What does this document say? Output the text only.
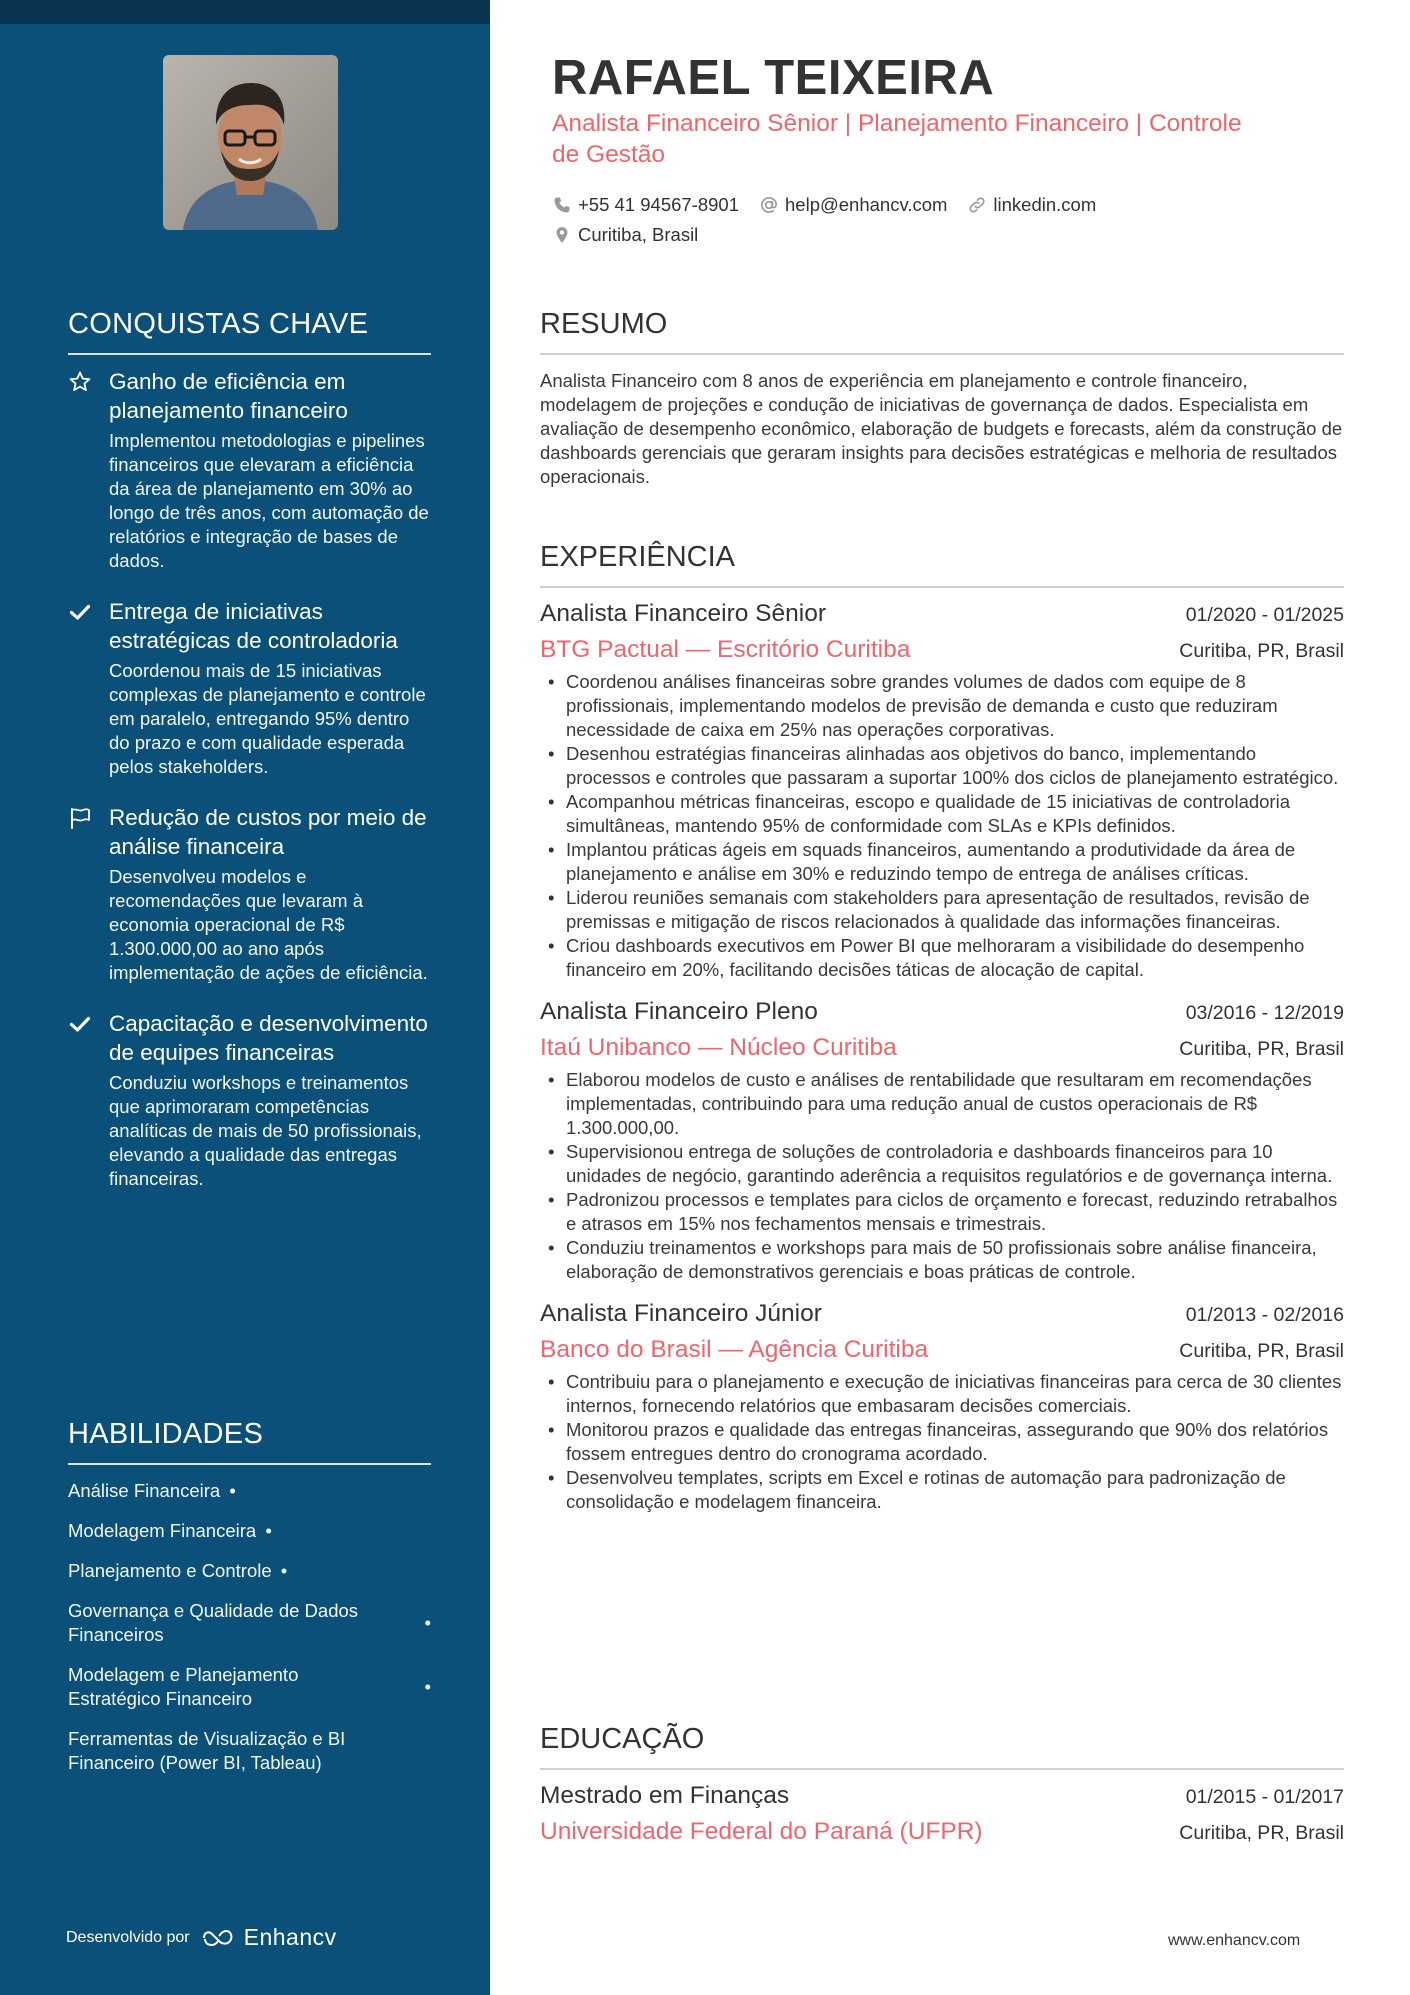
CONQUISTAS CHAVE
Ganho de eficiência em planejamento financeiro
Implementou metodologias e pipelines financeiros que elevaram a eficiência da área de planejamento em 30% ao longo de três anos, com automação de relatórios e integração de bases de dados.
Entrega de iniciativas estratégicas de controladoria
Coordenou mais de 15 iniciativas complexas de planejamento e controle em paralelo, entregando 95% dentro do prazo e com qualidade esperada pelos stakeholders.
Redução de custos por meio de análise financeira
Desenvolveu modelos e recomendações que levaram à economia operacional de R$ 1.300.000,00 ao ano após implementação de ações de eficiência.
Capacitação e desenvolvimento de equipes financeiras
Conduziu workshops e treinamentos que aprimoraram competências analíticas de mais de 50 profissionais, elevando a qualidade das entregas financeiras.
HABILIDADES
Análise Financeira •
Modelagem Financeira •
Planejamento e Controle •
Governança e Qualidade de Dados Financeiros
•
Modelagem e Planejamento Estratégico Financeiro
•
Ferramentas de Visualização e BI Financeiro (Power BI, Tableau)
Desenvolvido por Enhancv
RAFAEL TEIXEIRA
Analista Financeiro Sênior | Planejamento Financeiro | Controle de Gestão
+55 41 94567-8901 help@enhancv.com linkedin.com
Curitiba, Brasil
RESUMO
Analista Financeiro com 8 anos de experiência em planejamento e controle financeiro, modelagem de projeções e condução de iniciativas de governança de dados. Especialista em avaliação de desempenho econômico, elaboração de budgets e forecasts, além da construção de dashboards gerenciais que geraram insights para decisões estratégicas e melhoria de resultados operacionais.
EXPERIÊNCIA
Analista Financeiro Sênior	01/2020 - 01/2025
BTG Pactual — Escritório Curitiba	Curitiba, PR, Brasil
• Coordenou análises financeiras sobre grandes volumes de dados com equipe de 8 profissionais, implementando modelos de previsão de demanda e custo que reduziram necessidade de caixa em 25% nas operações corporativas.
• Desenhou estratégias financeiras alinhadas aos objetivos do banco, implementando processos e controles que passaram a suportar 100% dos ciclos de planejamento estratégico.
• Acompanhou métricas financeiras, escopo e qualidade de 15 iniciativas de controladoria simultâneas, mantendo 95% de conformidade com SLAs e KPIs definidos.
• Implantou práticas ágeis em squads financeiros, aumentando a produtividade da área de planejamento e análise em 30% e reduzindo tempo de entrega de análises críticas.
• Liderou reuniões semanais com stakeholders para apresentação de resultados, revisão de premissas e mitigação de riscos relacionados à qualidade das informações financeiras.
• Criou dashboards executivos em Power BI que melhoraram a visibilidade do desempenho financeiro em 20%, facilitando decisões táticas de alocação de capital.
Analista Financeiro Pleno	03/2016 - 12/2019
Itaú Unibanco — Núcleo Curitiba	Curitiba, PR, Brasil
• Elaborou modelos de custo e análises de rentabilidade que resultaram em recomendações implementadas, contribuindo para uma redução anual de custos operacionais de R$ 1.300.000,00.
• Supervisionou entrega de soluções de controladoria e dashboards financeiros para 10 unidades de negócio, garantindo aderência a requisitos regulatórios e de governança interna.
• Padronizou processos e templates para ciclos de orçamento e forecast, reduzindo retrabalhos e atrasos em 15% nos fechamentos mensais e trimestrais.
• Conduziu treinamentos e workshops para mais de 50 profissionais sobre análise financeira, elaboração de demonstrativos gerenciais e boas práticas de controle.
Analista Financeiro Júnior	01/2013 - 02/2016
Banco do Brasil — Agência Curitiba	Curitiba, PR, Brasil
• Contribuiu para o planejamento e execução de iniciativas financeiras para cerca de 30 clientes internos, fornecendo relatórios que embasaram decisões comerciais.
• Monitorou prazos e qualidade das entregas financeiras, assegurando que 90% dos relatórios fossem entregues dentro do cronograma acordado.
• Desenvolveu templates, scripts em Excel e rotinas de automação para padronização de consolidação e modelagem financeira.
EDUCAÇÃO
Mestrado em Finanças	01/2015 - 01/2017
Universidade Federal do Paraná (UFPR)	Curitiba, PR, Brasil
www.enhancv.com
